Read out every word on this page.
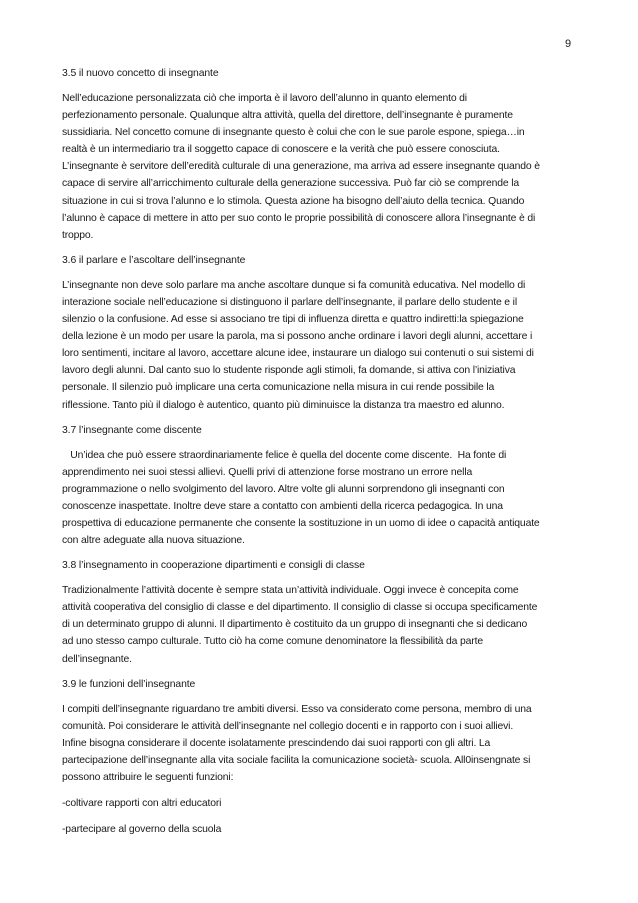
9
3.5 il nuovo concetto di insegnante
Nell’educazione personalizzata ciò che importa è il lavoro dell’alunno in quanto elemento di
perfezionamento personale. Qualunque altra attività, quella del direttore, dell’insegnante è puramente
sussidiaria. Nel concetto comune di insegnante questo è colui che con le sue parole espone, spiega…in
realtà è un intermediario tra il soggetto capace di conoscere e la verità che può essere conosciuta.
L’insegnante è servitore dell’eredità culturale di una generazione, ma arriva ad essere insegnante quando è
capace di servire all’arricchimento culturale della generazione successiva. Può far ciò se comprende la
situazione in cui si trova l’alunno e lo stimola. Questa azione ha bisogno dell’aiuto della tecnica. Quando
l’alunno è capace di mettere in atto per suo conto le proprie possibilità di conoscere allora l’insegnante è di
troppo.
3.6 il parlare e l’ascoltare dell’insegnante
L’insegnante non deve solo parlare ma anche ascoltare dunque si fa comunità educativa. Nel modello di
interazione sociale nell’educazione si distinguono il parlare dell’insegnante, il parlare dello studente e il
silenzio o la confusione. Ad esse si associano tre tipi di influenza diretta e quattro indiretti:la spiegazione
della lezione è un modo per usare la parola, ma si possono anche ordinare i lavori degli alunni, accettare i
loro sentimenti, incitare al lavoro, accettare alcune idee, instaurare un dialogo sui contenuti o sui sistemi di
lavoro degli alunni. Dal canto suo lo studente risponde agli stimoli, fa domande, si attiva con l’iniziativa
personale. Il silenzio può implicare una certa comunicazione nella misura in cui rende possibile la
riflessione. Tanto più il dialogo è autentico, quanto più diminuisce la distanza tra maestro ed alunno.
3.7 l’insegnante come discente
Un’idea che può essere straordinariamente felice è quella del docente come discente.  Ha fonte di
apprendimento nei suoi stessi allievi. Quelli privi di attenzione forse mostrano un errore nella
programmazione o nello svolgimento del lavoro. Altre volte gli alunni sorprendono gli insegnanti con
conoscenze inaspettate. Inoltre deve stare a contatto con ambienti della ricerca pedagogica. In una
prospettiva di educazione permanente che consente la sostituzione in un uomo di idee o capacità antiquate
con altre adeguate alla nuova situazione.
3.8 l’insegnamento in cooperazione dipartimenti e consigli di classe
Tradizionalmente l’attività docente è sempre stata un’attività individuale. Oggi invece è concepita come
attività cooperativa del consiglio di classe e del dipartimento. Il consiglio di classe si occupa specificamente
di un determinato gruppo di alunni. Il dipartimento è costituito da un gruppo di insegnanti che si dedicano
ad uno stesso campo culturale. Tutto ciò ha come comune denominatore la flessibilità da parte
dell’insegnante.
3.9 le funzioni dell’insegnante
I compiti dell’insegnante riguardano tre ambiti diversi. Esso va considerato come persona, membro di una
comunità. Poi considerare le attività dell’insegnante nel collegio docenti e in rapporto con i suoi allievi.
Infine bisogna considerare il docente isolatamente prescindendo dai suoi rapporti con gli altri. La
partecipazione dell’insegnante alla vita sociale facilita la comunicazione società- scuola. All0insengnate si
possono attribuire le seguenti funzioni:
-coltivare rapporti con altri educatori
-partecipare al governo della scuola
